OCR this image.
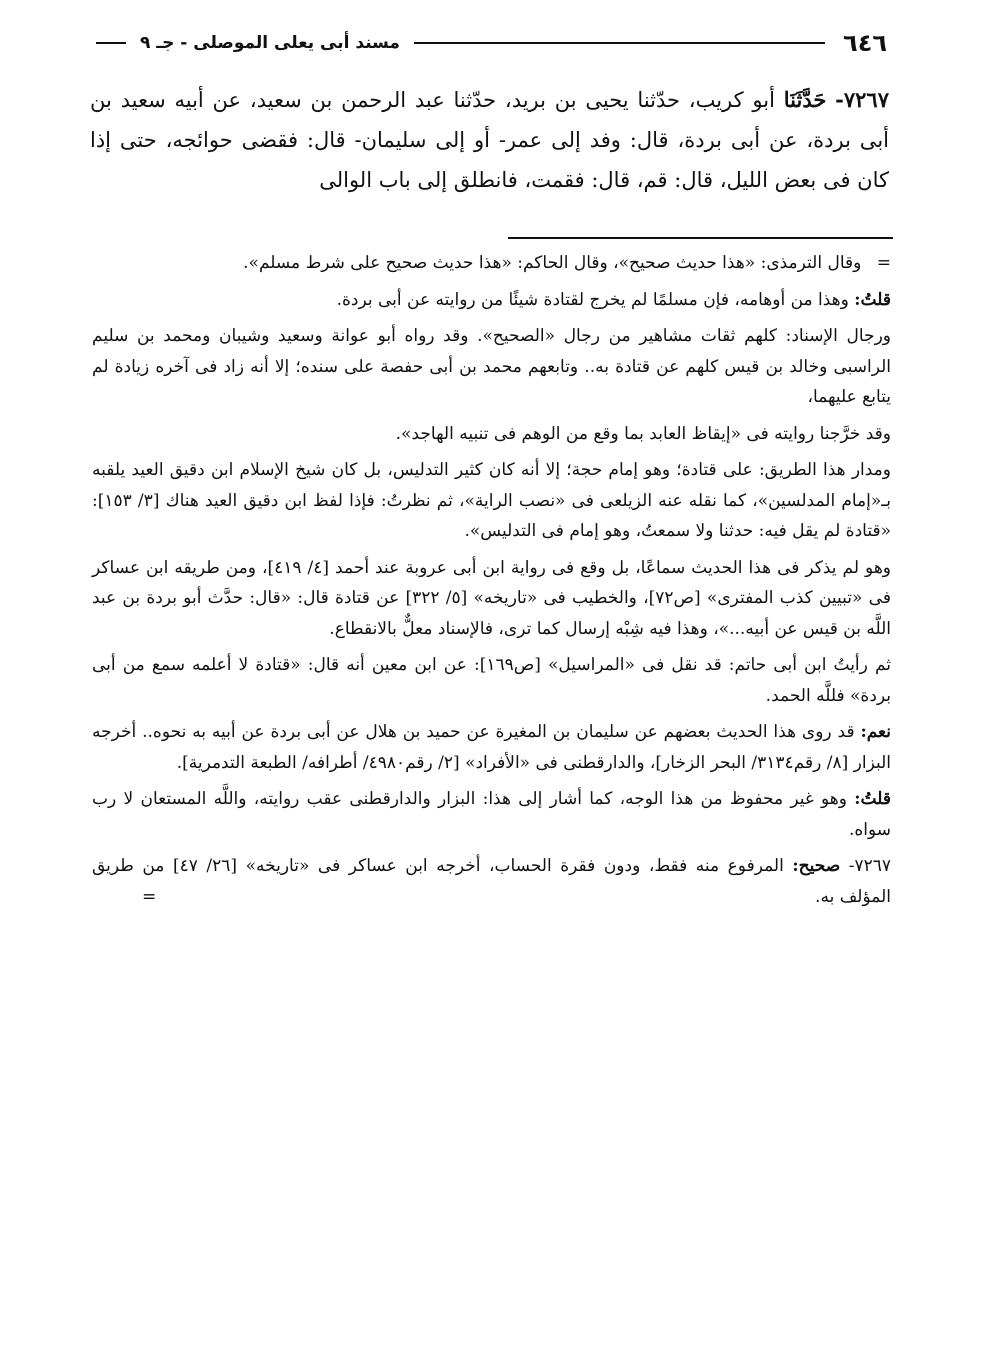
٦٤٦
مسند أبى يعلى الموصلى - جـ ٩

٧٢٦٧- حَدَّثَنَا أبو كريب، حدّثنا يحيى بن بريد، حدّثنا عبد الرحمن بن سعيد، عن أبيه سعيد بن أبى بردة، عن أبى بردة، قال: وفد إلى عمر- أو إلى سليمان- قال: فقضى حوائجه، حتى إذا كان فى بعض الليل، قال: قم، قال: فقمت، فانطلق إلى باب الوالى

= وقال الترمذى: «هذا حديث صحيح»، وقال الحاكم: «هذا حديث صحيح على شرط مسلم».

قلتُ: وهذا من أوهامه، فإن مسلمًا لم يخرج لقتادة شيئًا من روايته عن أبى بردة.

ورجال الإسناد: كلهم ثقات مشاهير من رجال «الصحيح». وقد رواه أبو عوانة وسعيد وشيبان ومحمد بن سليم الراسبى وخالد بن قيس كلهم عن قتادة به.. وتابعهم محمد بن أبى حفصة على سنده؛ إلا أنه زاد فى آخره زيادة لم يتابع عليهما،

وقد خرَّجنا روايته فى «إيقاظ العابد بما وقع من الوهم فى تنبيه الهاجد».

ومدار هذا الطريق: على قتادة؛ وهو إمام حجة؛ إلا أنه كان كثير التدليس، بل كان شيخ الإسلام ابن دقيق العيد يلقبه بـ«إمام المدلسين»، كما نقله عنه الزيلعى فى «نصب الراية»، ثم نظرتُ: فإذا لفظ ابن دقيق العيد هناك [٣/ ١٥٣]: «قتادة لم يقل فيه: حدثنا ولا سمعتُ، وهو إمام فى التدليس».

وهو لم يذكر فى هذا الحديث سماعًا، بل وقع فى رواية ابن أبى عروبة عند أحمد [٤/ ٤١٩]، ومن طريقه ابن عساكر فى «تبيين كذب المفترى» [ص٧٢]، والخطيب فى «تاريخه» [٥/ ٣٢٢] عن قتادة قال: «قال: حدَّث أبو بردة بن عبد اللَّه بن قيس عن أبيه...»، وهذا فيه شِبْه إرسال كما ترى، فالإسناد معلٌّ بالانقطاع.

ثم رأيتُ ابن أبى حاتم: قد نقل فى «المراسيل» [ص١٦٩]: عن ابن معين أنه قال: «قتادة لا أعلمه سمع من أبى بردة» فللَّه الحمد.

نعم: قد روى هذا الحديث بعضهم عن سليمان بن المغيرة عن حميد بن هلال عن أبى بردة عن أبيه به نحوه.. أخرجه البزار [٨/ رقم٣١٣٤/ البحر الزخار]، والدارقطنى فى «الأفراد» [٢/ رقم٤٩٨٠/ أطرافه/ الطبعة التدمرية].

قلتُ: وهو غير محفوظ من هذا الوجه، كما أشار إلى هذا: البزار والدارقطنى عقب روايته، واللَّه المستعان لا رب سواه.

٧٢٦٧- صحيح: المرفوع منه فقط، ودون فقرة الحساب، أخرجه ابن عساكر فى «تاريخه» [٢٦/ ٤٧] من طريق المؤلف به.
=
